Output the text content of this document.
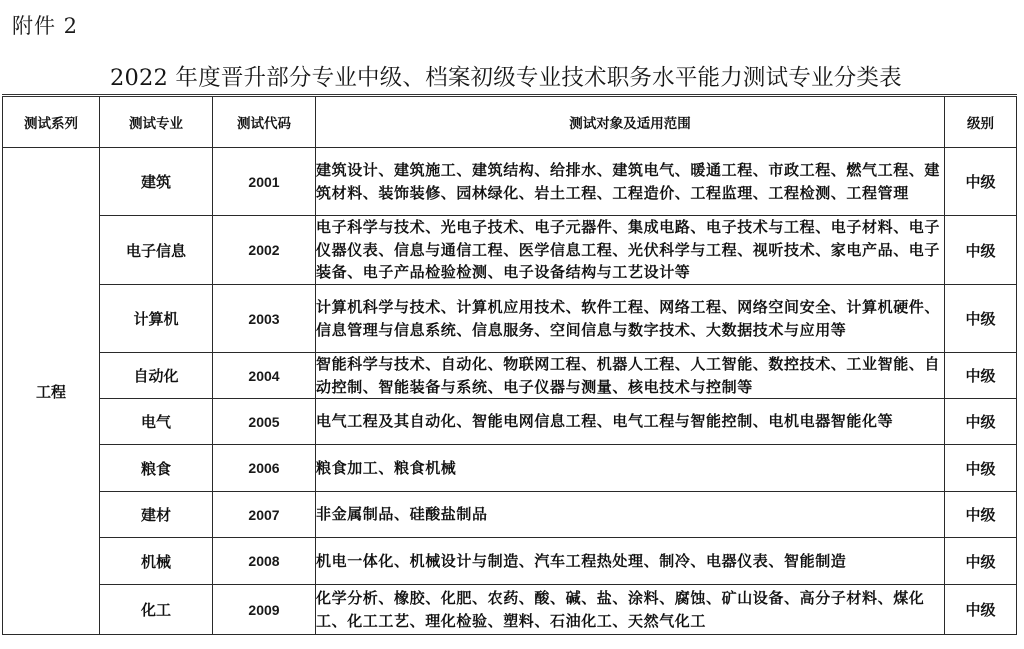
附件 2
2022 年度晋升部分专业中级、档案初级专业技术职务水平能力测试专业分类表
测试系列	测试专业	测试代码	测试对象及适用范围	级别
工程	建筑	2001	建筑设计、建筑施工、建筑结构、给排水、建筑电气、暖通工程、市政工程、燃气工程、建筑材料、装饰装修、园林绿化、岩土工程、工程造价、工程监理、工程检测、工程管理	中级
	电子信息	2002	电子科学与技术、光电子技术、电子元器件、集成电路、电子技术与工程、电子材料、电子仪器仪表、信息与通信工程、医学信息工程、光伏科学与工程、视听技术、家电产品、电子装备、电子产品检验检测、电子设备结构与工艺设计等	中级
	计算机	2003	计算机科学与技术、计算机应用技术、软件工程、网络工程、网络空间安全、计算机硬件、信息管理与信息系统、信息服务、空间信息与数字技术、大数据技术与应用等	中级
	自动化	2004	智能科学与技术、自动化、物联网工程、机器人工程、人工智能、数控技术、工业智能、自动控制、智能装备与系统、电子仪器与测量、核电技术与控制等	中级
	电气	2005	电气工程及其自动化、智能电网信息工程、电气工程与智能控制、电机电器智能化等	中级
	粮食	2006	粮食加工、粮食机械	中级
	建材	2007	非金属制品、硅酸盐制品	中级
	机械	2008	机电一体化、机械设计与制造、汽车工程热处理、制冷、电器仪表、智能制造	中级
	化工	2009	化学分析、橡胶、化肥、农药、酸、碱、盐、涂料、腐蚀、矿山设备、高分子材料、煤化工、化工工艺、理化检验、塑料、石油化工、天然气化工	中级
